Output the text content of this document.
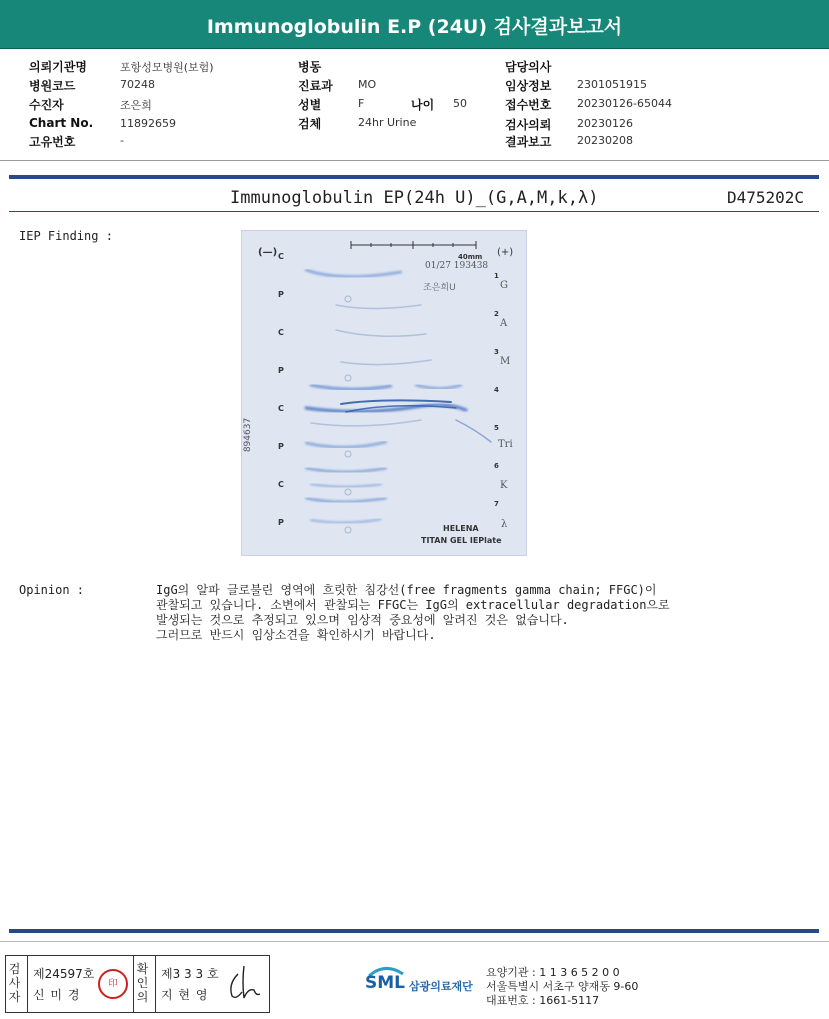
Immunoglobulin E.P (24U) 검사결과보고서
의뢰기관명	포항성모병원(보험)
병원코드	70248
수진자	조은희
Chart No. 11892659
고유번호	-
병동
진료과 MO
성별	F	나이 50
검체	24hr Urine
담당의사
임상정보 2301051915
접수번호 20230126-65044
검사의뢰 20230126
결과보고 20230208
Immunoglobulin EP(24h U)_(G,A,M,k,λ)	D475202C
IEP Finding :
(—)	(+)
40mm
01/27 193438
조은희U
894637
C
P
C
P
C
P
C
P
1
2
3
4
5
6
7
G
A
M
Tri
K
λ
HELENA
TITAN GEL IEPlate
Opinion :	IgG의 알파 글로불린 영역에 흐릿한 침강선(free fragments gamma chain; FFGC)이
관찰되고 있습니다. 소변에서 관찰되는 FFGC는 IgG의 extracellular degradation으로
발생되는 것으로 추정되고 있으며 임상적 중요성에 알려진 것은 없습니다.
그러므로 반드시 임상소견을 확인하시기 바랍니다.
검사자
제24597호
신 미 경
印
확인의
제3 3 3 호
지 현 영
SML 삼광의료재단
요양기관 : 1 1 3 6 5 2 0 0
서울특별시 서초구 양재동 9-60
대표번호 : 1661-5117
